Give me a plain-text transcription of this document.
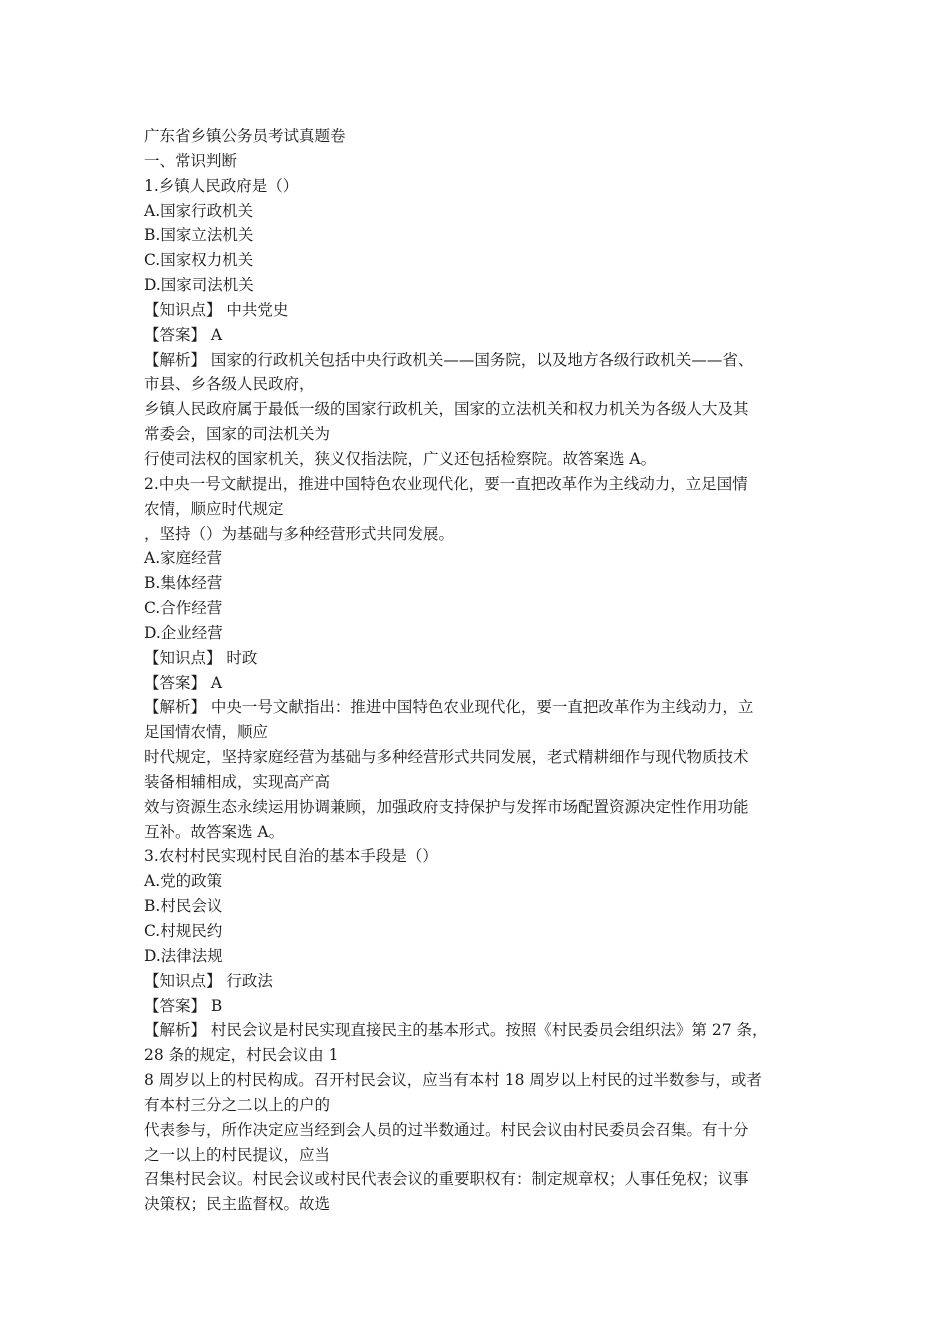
广东省乡镇公务员考试真题卷
一、常识判断
1.乡镇人民政府是（）
A.国家行政机关
B.国家立法机关
C.国家权力机关
D.国家司法机关
【知识点】 中共党史
【答案】 A
【解析】 国家的行政机关包括中央行政机关——国务院，以及地方各级行政机关——省、
市县、乡各级人民政府，
乡镇人民政府属于最低一级的国家行政机关，国家的立法机关和权力机关为各级人大及其
常委会，国家的司法机关为
行使司法权的国家机关，狭义仅指法院，广义还包括检察院。故答案选 A。
2.中央一号文献提出，推进中国特色农业现代化，要一直把改革作为主线动力，立足国情
农情，顺应时代规定
，坚持（）为基础与多种经营形式共同发展。
A.家庭经营
B.集体经营
C.合作经营
D.企业经营
【知识点】 时政
【答案】 A
【解析】 中央一号文献指出：推进中国特色农业现代化，要一直把改革作为主线动力，立
足国情农情，顺应
时代规定，坚持家庭经营为基础与多种经营形式共同发展，老式精耕细作与现代物质技术
装备相辅相成，实现高产高
效与资源生态永续运用协调兼顾，加强政府支持保护与发挥市场配置资源决定性作用功能
互补。故答案选 A。
3.农村村民实现村民自治的基本手段是（）
A.党的政策
B.村民会议
C.村规民约
D.法律法规
【知识点】 行政法
【答案】 B
【解析】 村民会议是村民实现直接民主的基本形式。按照《村民委员会组织法》第 27 条，
28 条的规定，村民会议由 1
8 周岁以上的村民构成。召开村民会议，应当有本村 18 周岁以上村民的过半数参与，或者
有本村三分之二以上的户的
代表参与，所作决定应当经到会人员的过半数通过。村民会议由村民委员会召集。有十分
之一以上的村民提议，应当
召集村民会议。村民会议或村民代表会议的重要职权有：制定规章权；人事任免权；议事
决策权；民主监督权。故选
